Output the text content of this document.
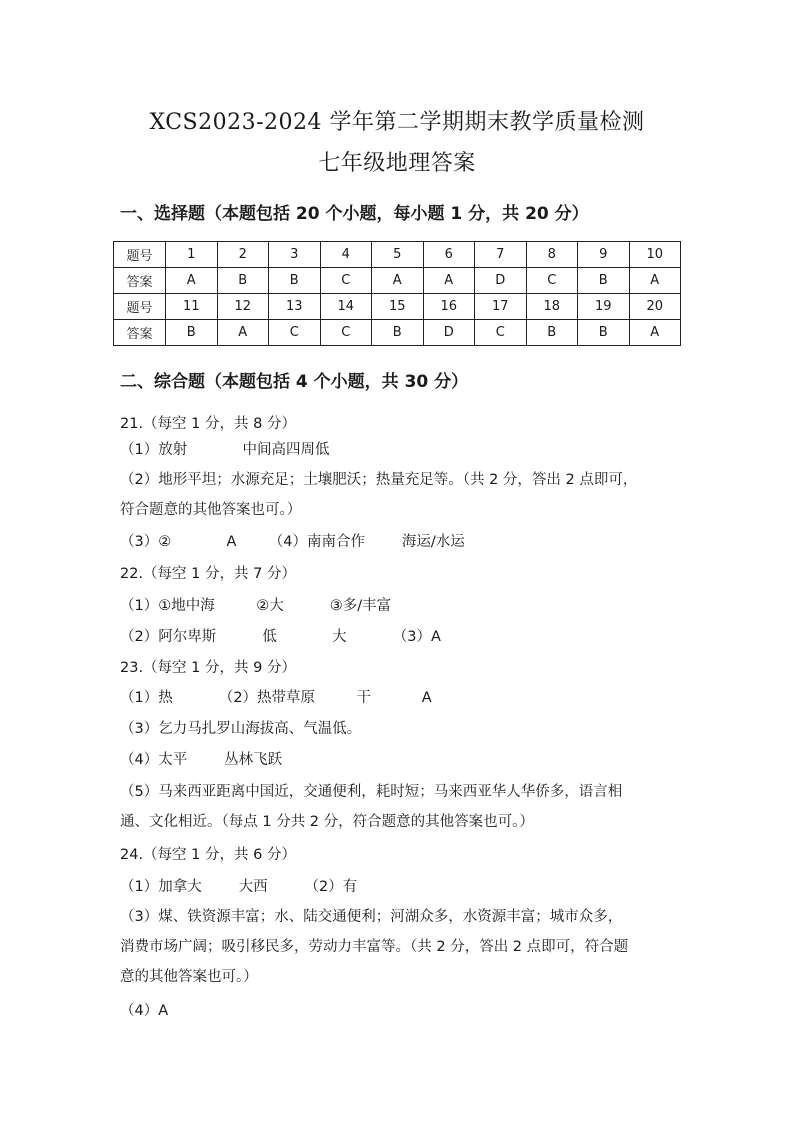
XCS2023-2024 学年第二学期期末教学质量检测
七年级地理答案
一、选择题（本题包括 20 个小题，每小题 1 分，共 20 分）
题号	1	2	3	4	5	6	7	8	9	10
答案	A	B	B	C	A	A	D	C	B	A
题号	11	12	13	14	15	16	17	18	19	20
答案	B	A	C	C	B	D	C	B	B	A
二、综合题（本题包括 4 个小题，共 30 分）
21.（每空 1 分，共 8 分）
（1）放射            中间高四周低
（2）地形平坦；水源充足；土壤肥沃；热量充足等。（共 2 分，答出 2 点即可，
符合题意的其他答案也可。）
（3）②            A       （4）南南合作        海运/水运
22.（每空 1 分，共 7 分）
（1）①地中海         ②大          ③多/丰富
（2）阿尔卑斯          低            大          （3）A
23.（每空 1 分，共 9 分）
（1）热          （2）热带草原         干           A
（3）乞力马扎罗山海拔高、气温低。
（4）太平        丛林飞跃
（5）马来西亚距离中国近，交通便利，耗时短；马来西亚华人华侨多，语言相
通、文化相近。（每点 1 分共 2 分，符合题意的其他答案也可。）
24.（每空 1 分，共 6 分）
（1）加拿大        大西        （2）有
（3）煤、铁资源丰富；水、陆交通便利；河湖众多，水资源丰富；城市众多，
消费市场广阔；吸引移民多，劳动力丰富等。（共 2 分，答出 2 点即可，符合题
意的其他答案也可。）
（4）A
